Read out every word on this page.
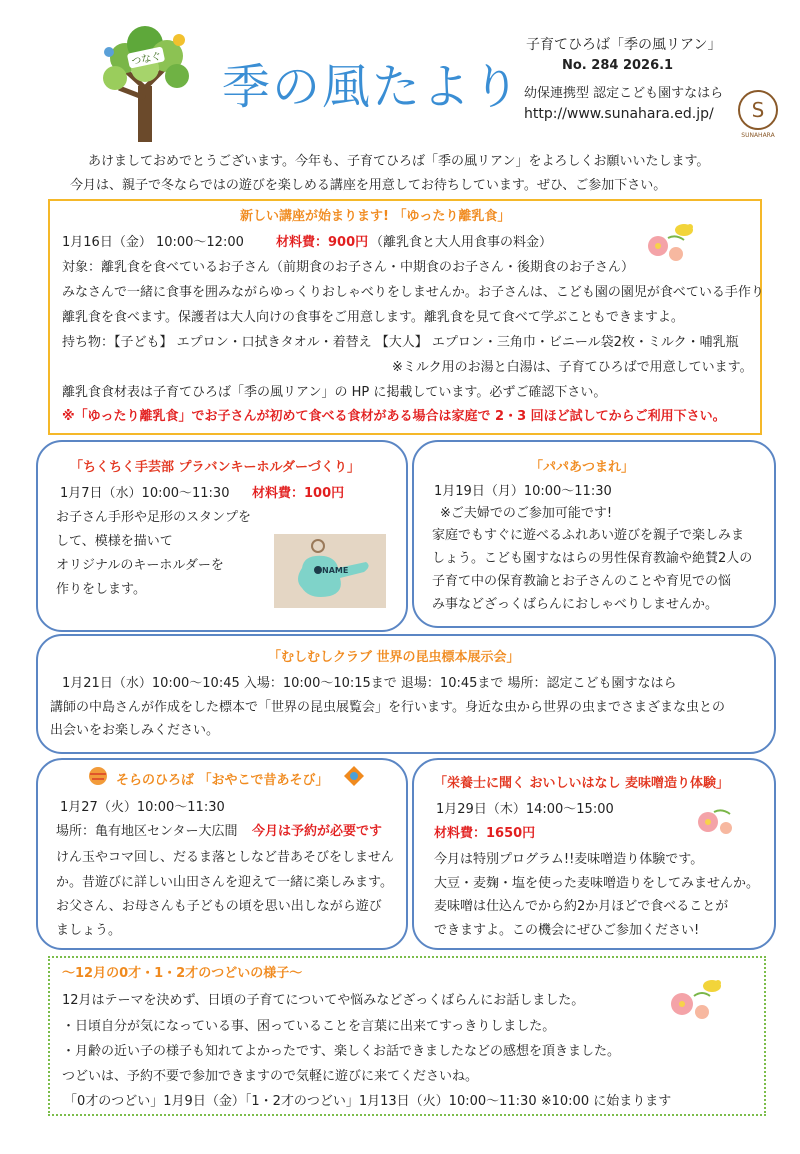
つなぐ 季の風たより
子育てひろば「季の風リアン」
No. 284 2026.1
幼保連携型 認定こども園すなはら
http://www.sunahara.ed.jp/	S
SUNAHARA
あけましておめでとうございます。今年も、子育てひろば「季の風リアン」をよろしくお願いいたします。
今月は、親子で冬ならではの遊びを楽しめる講座を用意してお待ちしています。ぜひ、ご参加下さい。
新しい講座が始まります! 「ゆったり離乳食」
1月16日（金） 10:00～12:00 材料費：900円 （離乳食と大人用食事の料金）
対象：離乳食を食べているお子さん（前期食のお子さん・中期食のお子さん・後期食のお子さん）
みなさんで一緒に食事を囲みながらゆっくりおしゃべりをしませんか。お子さんは、こども園の園児が食べている手作り
離乳食を食べます。保護者は大人向けの食事をご用意します。離乳食を見て食べて学ぶこともできますよ。
持ち物：【子ども】 エプロン・口拭きタオル・着替え 【大人】 エプロン・三角巾・ビニール袋2枚・ミルク・哺乳瓶
※ミルク用のお湯と白湯は、子育てひろばで用意しています。
離乳食食材表は子育てひろば「季の風リアン」の HP に掲載しています。必ずご確認下さい。
※「ゆったり離乳食」でお子さんが初めて食べる食材がある場合は家庭で 2・3 回ほど試してからご利用下さい。
「ちくちく手芸部 プラバンキーホルダーづくり」
1月7日（水）10:00～11:30 材料費：100円
お子さん手形や足形のスタンプを
して、模様を描いて
オリジナルのキーホルダーを
作りをします。
NAME
「パパあつまれ」
1月19日（月）10:00～11:30
※ご夫婦でのご参加可能です!
家庭でもすぐに遊べるふれあい遊びを親子で楽しみま
しょう。こども園すなはらの男性保育教諭や絶賛2人の
子育て中の保育教諭とお子さんのことや育児での悩
み事などざっくばらんにおしゃべりしませんか。
「むしむしクラブ 世界の昆虫標本展示会」
1月21日（水）10:00～10:45 入場：10:00～10:15まで 退場：10:45まで 場所：認定こども園すなはら
講師の中島さんが作成をした標本で「世界の昆虫展覧会」を行います。身近な虫から世界の虫までさまざまな虫との
出会いをお楽しみください。
そらのひろば 「おやこで昔あそび」
1月27（火）10:00～11:30
場所：亀有地区センター大広間 今月は予約が必要です
けん玉やコマ回し、だるま落としなど昔あそびをしません
か。昔遊びに詳しい山田さんを迎えて一緒に楽しみます。
お父さん、お母さんも子どもの頃を思い出しながら遊び
ましょう。
「栄養士に聞く おいしいはなし 麦味噌造り体験」
1月29日（木）14:00～15:00
材料費：1650円
今月は特別プログラム!!麦味噌造り体験です。
大豆・麦麹・塩を使った麦味噌造りをしてみませんか。
麦味噌は仕込んでから約2か月ほどで食べることが
できますよ。この機会にぜひご参加ください!
～12月の0才・1・2才のつどいの様子～
12月はテーマを決めず、日頃の子育てについてや悩みなどざっくばらんにお話しました。
・日頃自分が気になっている事、困っていることを言葉に出来てすっきりしました。
・月齢の近い子の様子も知れてよかったです、楽しくお話できましたなどの感想を頂きました。
つどいは、予約不要で参加できますので気軽に遊びに来てくださいね。
「0才のつどい」1月9日（金）「1・2才のつどい」1月13日（火）10:00～11:30 ※10:00 に始まります
